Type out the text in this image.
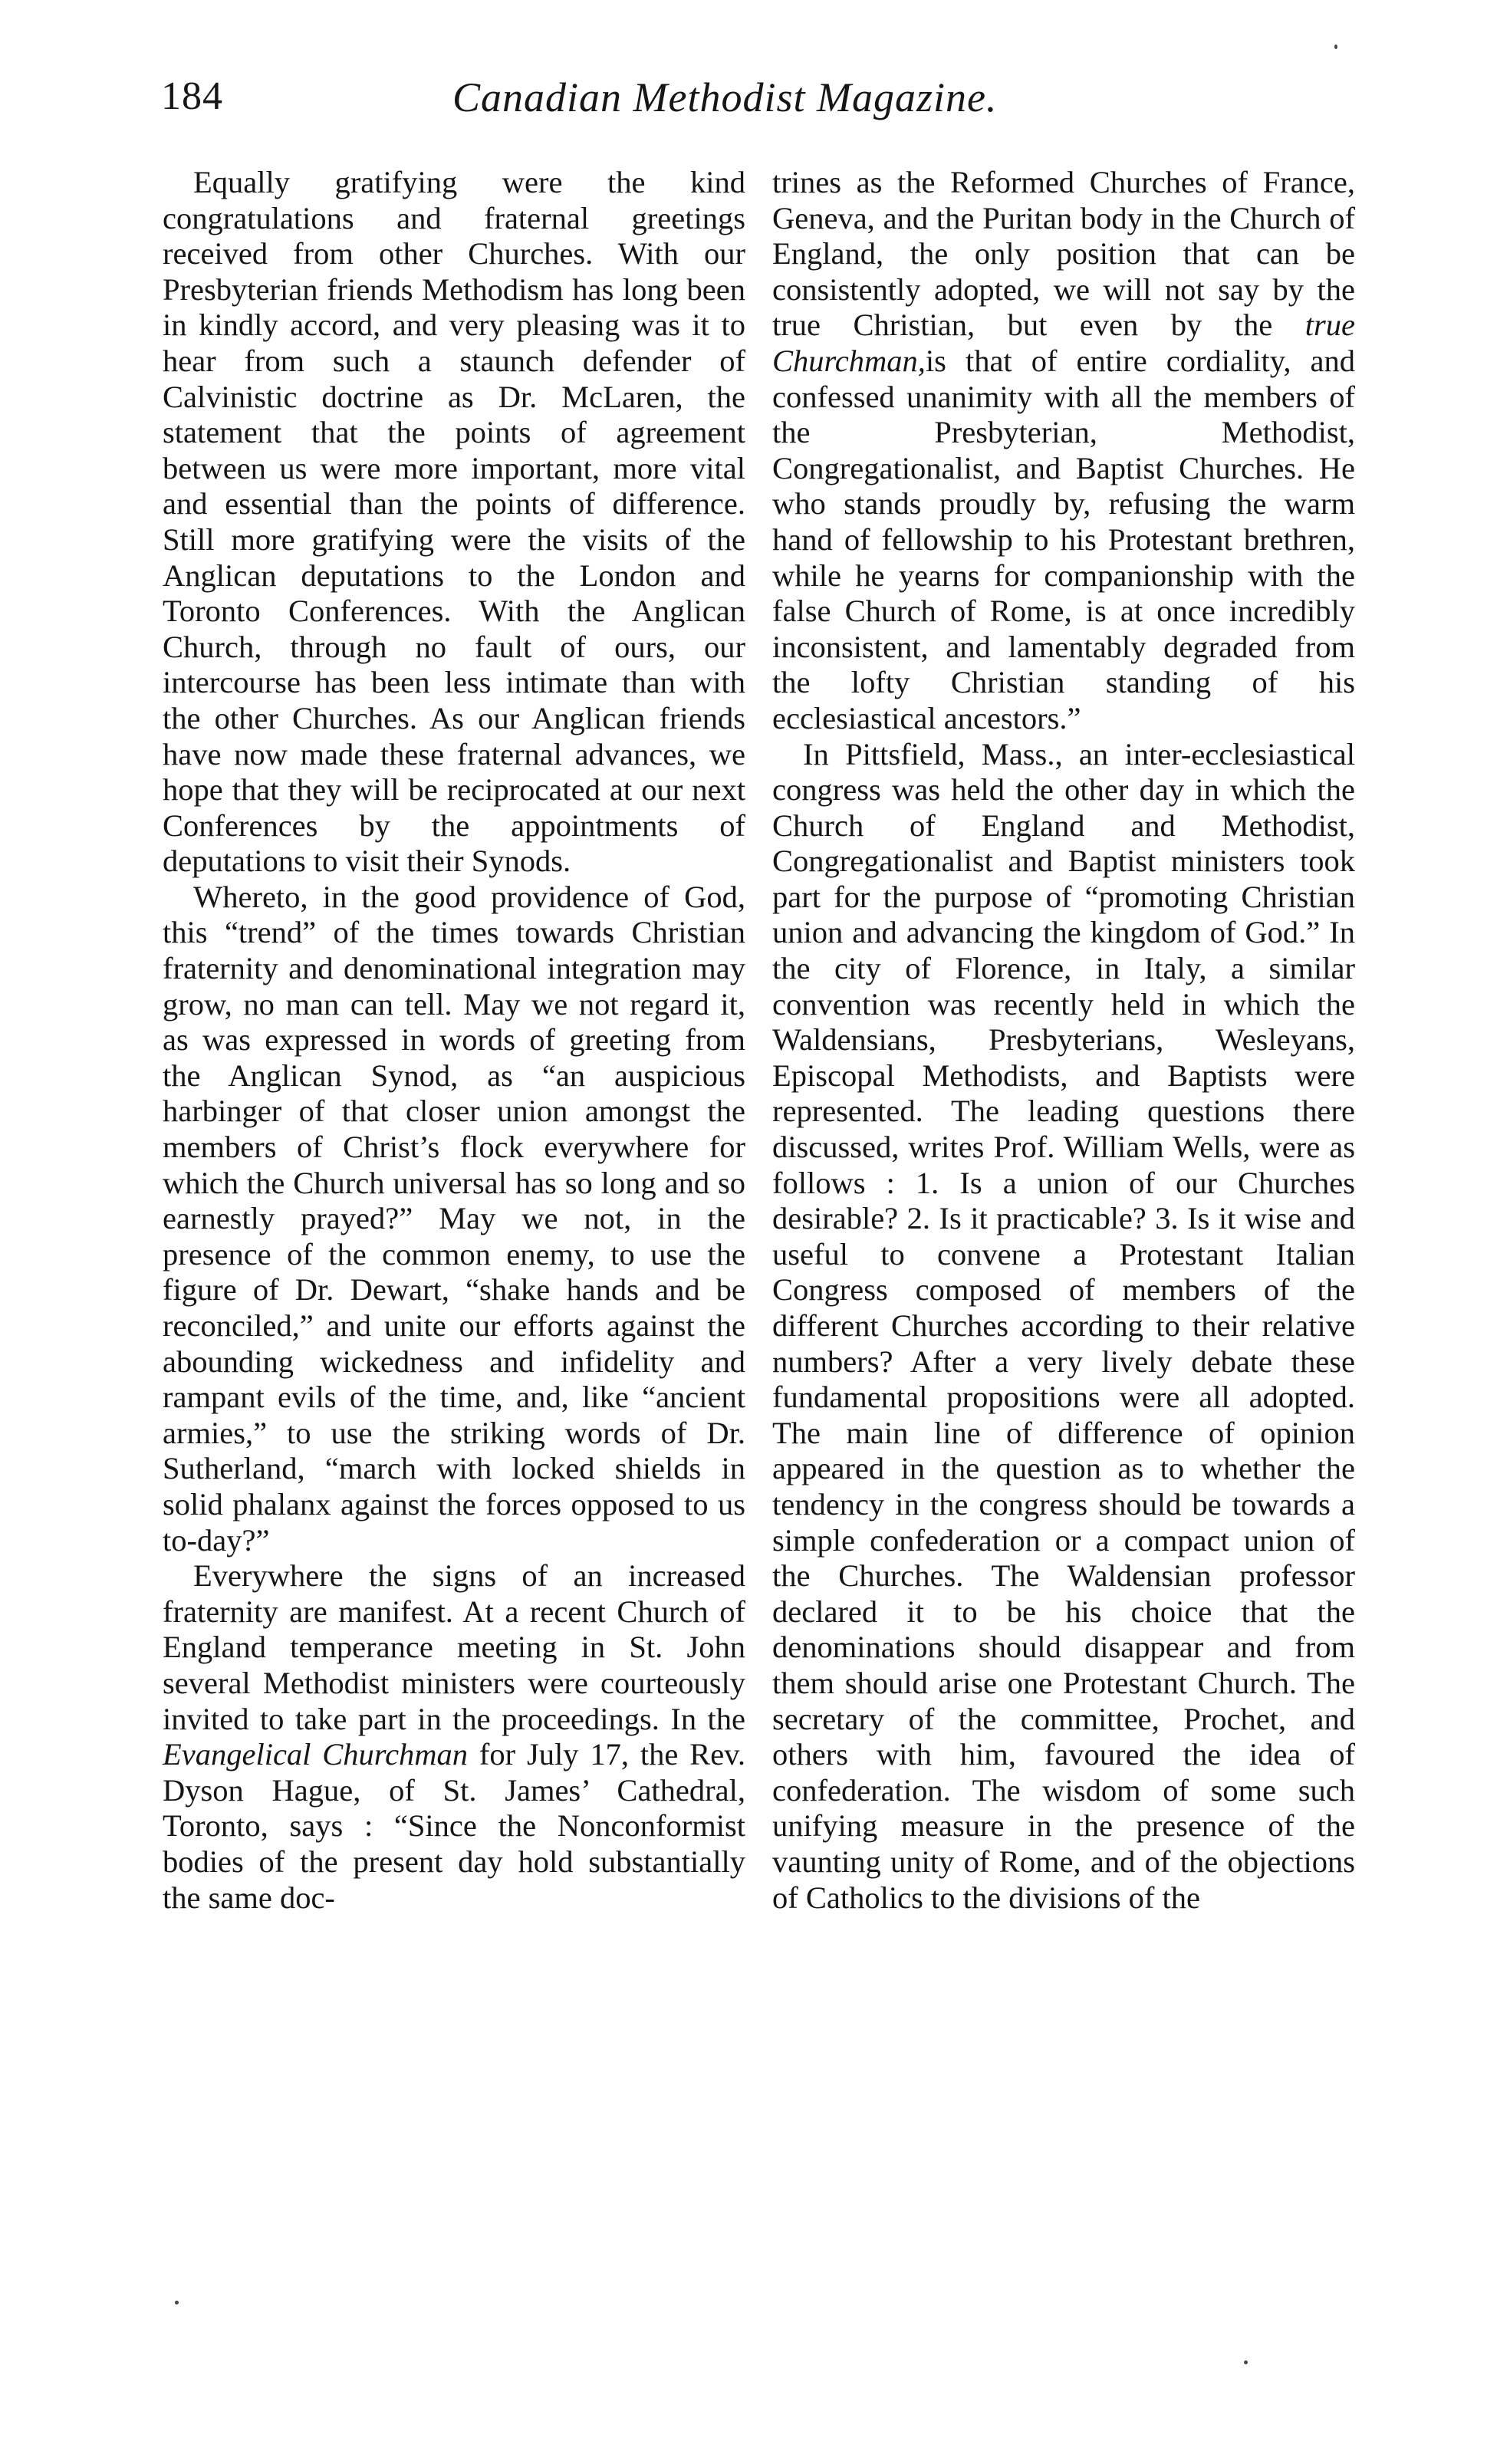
184	Canadian Methodist Magazine.

Equally gratifying were the kind congratulations and fraternal greetings received from other Churches. With our Presbyterian friends Methodism has long been in kindly accord, and very pleasing was it to hear from such a staunch defender of Calvinistic doctrine as Dr. McLaren, the statement that the points of agreement between us were more important, more vital and essential than the points of difference. Still more gratifying were the visits of the Anglican deputations to the London and Toronto Conferences. With the Anglican Church, through no fault of ours, our intercourse has been less intimate than with the other Churches. As our Anglican friends have now made these fraternal advances, we hope that they will be reciprocated at our next Conferences by the appointments of deputations to visit their Synods.

Whereto, in the good providence of God, this “trend” of the times towards Christian fraternity and denominational integration may grow, no man can tell. May we not regard it, as was expressed in words of greeting from the Anglican Synod, as “an auspicious harbinger of that closer union amongst the members of Christ’s flock everywhere for which the Church universal has so long and so earnestly prayed?” May we not, in the presence of the common enemy, to use the figure of Dr. Dewart, “shake hands and be reconciled,” and unite our efforts against the abounding wickedness and infidelity and rampant evils of the time, and, like “ancient armies,” to use the striking words of Dr. Sutherland, “march with locked shields in solid phalanx against the forces opposed to us to-day?”

Everywhere the signs of an increased fraternity are manifest. At a recent Church of England temperance meeting in St. John several Methodist ministers were courteously invited to take part in the proceedings. In the Evangelical Churchman for July 17, the Rev. Dyson Hague, of St. James’ Cathedral, Toronto, says : “Since the Nonconformist bodies of the present day hold substantially the same doc-

trines as the Reformed Churches of France, Geneva, and the Puritan body in the Church of England, the only position that can be consistently adopted, we will not say by the true Christian, but even by the true Churchman,is that of entire cordiality, and confessed unanimity with all the members of the Presbyterian, Methodist, Congregationalist, and Baptist Churches. He who stands proudly by, refusing the warm hand of fellowship to his Protestant brethren, while he yearns for companionship with the false Church of Rome, is at once incredibly inconsistent, and lamentably degraded from the lofty Christian standing of his ecclesiastical ancestors.”

In Pittsfield, Mass., an inter-ecclesiastical congress was held the other day in which the Church of England and Methodist, Congregationalist and Baptist ministers took part for the purpose of “promoting Christian union and advancing the kingdom of God.” In the city of Florence, in Italy, a similar convention was recently held in which the Waldensians, Presbyterians, Wesleyans, Episcopal Methodists, and Baptists were represented. The leading questions there discussed, writes Prof. William Wells, were as follows : 1. Is a union of our Churches desirable? 2. Is it practicable? 3. Is it wise and useful to convene a Protestant Italian Congress composed of members of the different Churches according to their relative numbers? After a very lively debate these fundamental propositions were all adopted. The main line of difference of opinion appeared in the question as to whether the tendency in the congress should be towards a simple confederation or a compact union of the Churches. The Waldensian professor declared it to be his choice that the denominations should disappear and from them should arise one Protestant Church. The secretary of the committee, Prochet, and others with him, favoured the idea of confederation. The wisdom of some such unifying measure in the presence of the vaunting unity of Rome, and of the objections of Catholics to the divisions of the
